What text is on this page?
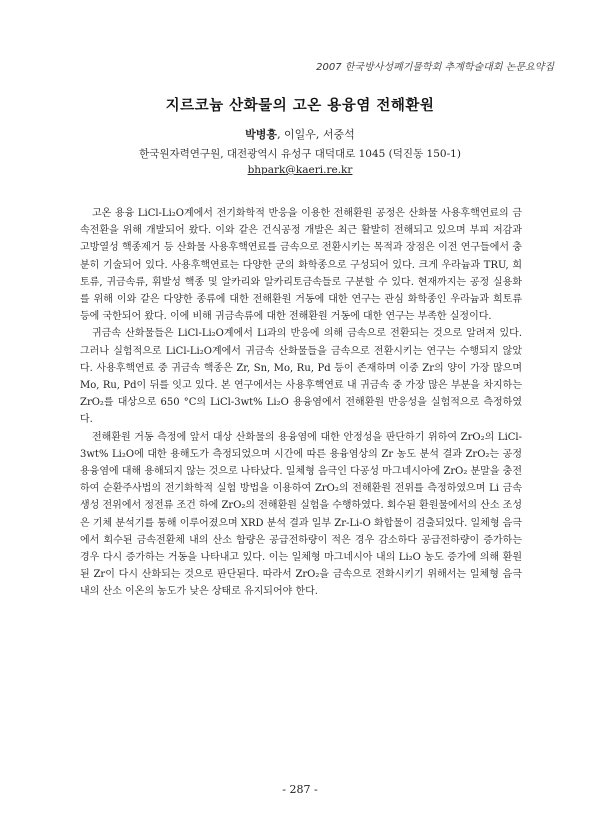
2007 한국방사성폐기물학회 추계학술대회 논문요약집
지르코늄 산화물의 고온 용융염 전해환원
박병흥, 이일우, 서중석
한국원자력연구원, 대전광역시 유성구 대덕대로 1045 (덕진동 150-1)
bhpark@kaeri.re.kr

고온 용융 LiCl-Li₂O계에서 전기화학적 반응을 이용한 전해환원 공정은 산화물 사용후핵연료의 금속전환을 위해 개발되어 왔다. 이와 같은 건식공정 개발은 최근 활발히 전해되고 있으며 부피 저감과 고방열성 핵종제거 등 산화물 사용후핵연료를 금속으로 전환시키는 목적과 장점은 이전 연구들에서 충분히 기술되어 있다. 사용후핵연료는 다양한 군의 화학종으로 구성되어 있다. 크게 우라늄과 TRU, 희토류, 귀금속류, 휘발성 핵종 및 알카리와 알카리토금속들로 구분할 수 있다. 현재까지는 공정 실용화를 위해 이와 같은 다양한 종류에 대한 전해환원 거동에 대한 연구는 관심 화학종인 우라늄과 희토류 등에 국한되어 왔다. 이에 비해 귀금속류에 대한 전해환원 거동에 대한 연구는 부족한 실정이다.

귀금속 산화물들은 LiCl-Li₂O계에서 Li과의 반응에 의해 금속으로 전환되는 것으로 알려져 있다. 그러나 실험적으로 LiCl-Li₂O계에서 귀금속 산화물들을 금속으로 전환시키는 연구는 수행되지 않았다. 사용후핵연료 중 귀금속 핵종은 Zr, Sn, Mo, Ru, Pd 등이 존재하며 이중 Zr의 양이 가장 많으며 Mo, Ru, Pd이 뒤를 잇고 있다. 본 연구에서는 사용후핵연료 내 귀금속 중 가장 많은 부분을 차지하는 ZrO₂를 대상으로 650 °C의 LiCl-3wt% Li₂O 용융염에서 전해환원 반응성을 실험적으로 측정하였다.

전해환원 거동 측정에 앞서 대상 산화물의 용융염에 대한 안정성을 판단하기 위하여 ZrO₂의 LiCl-3wt% Li₂O에 대한 용해도가 측정되었으며 시간에 따른 용융염상의 Zr 농도 분석 결과 ZrO₂는 공정 용융염에 대해 용해되지 않는 것으로 나타났다. 일체형 음극인 다공성 마그네시아에 ZrO₂ 분말을 충전하여 순환주사법의 전기화학적 실험 방법을 이용하여 ZrO₂의 전해환원 전위를 측정하였으며 Li 금속 생성 전위에서 정전류 조건 하에 ZrO₂의 전해환원 실험을 수행하였다. 회수된 환원물에서의 산소 조성은 기체 분석기를 통해 이루어졌으며 XRD 분석 결과 일부 Zr-Li-O 화합물이 검출되었다. 일체형 음극에서 회수된 금속전환체 내의 산소 함량은 공급전하량이 적은 경우 감소하다 공급전하량이 증가하는 경우 다시 증가하는 거동을 나타내고 있다. 이는 일체형 마그네시아 내의 Li₂O 농도 증가에 의해 환원된 Zr이 다시 산화되는 것으로 판단된다. 따라서 ZrO₂을 금속으로 전화시키기 위해서는 일체형 음극 내의 산소 이온의 농도가 낮은 상태로 유지되어야 한다.

- 287 -
